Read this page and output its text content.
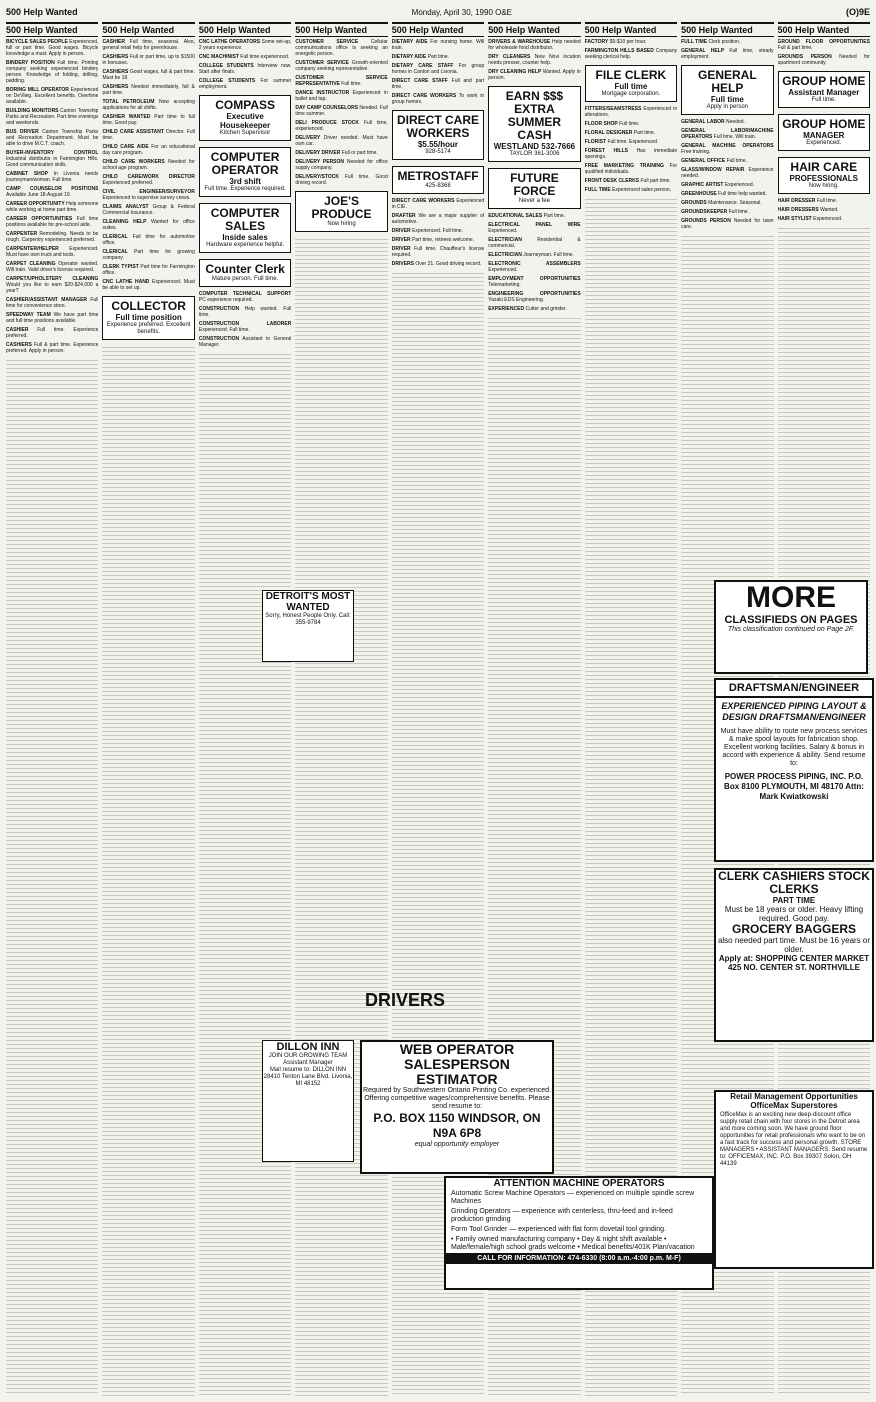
500 Help Wanted	Monday, April 30, 1990 O&E	(O)9E
500 Help Wanted

BICYCLE SALES PEOPLE Experienced, full or part time. Good wages. Bicycle knowledge a must. Apply in person.

BINDERY POSITION Full time. Printing company seeking experienced bindery person. Knowledge of folding, drilling, padding.

BORING MILL OPERATOR Experienced on DeVlieg. Excellent benefits. Overtime available.

BUILDING MONITORS Canton Township Parks and Recreation. Part time evenings and weekends.

BUS DRIVER Canton Township Parks and Recreation Department. Must be able to drive M.C.T. coach.

BUYER-INVENTORY CONTROL Industrial distributor in Farmington Hills. Good communication skills.

CABINET SHOP In Livonia needs journeyman/woman. Full time.

CAMP COUNSELOR POSITIONS Available June 18-August 10.

CAREER OPPORTUNITY Help someone while working at home part time.

CAREER OPPORTUNITIES Full time positions available for pre-school aide.

CARPENTER Remodeling. Needs to be rough. Carpentry experienced preferred.

CARPENTER/HELPER Experienced. Must have own truck and tools.

CARPET CLEANING Operator wanted. Will train. Valid driver's license required.

CARPET/UPHOLSTERY CLEANING Would you like to earn $20-$24,000 a year?

CASHIER/ASSISTANT MANAGER Full time for convenience store.

SPEEDWAY TEAM We have part time and full time positions available.

CASHIER Full time. Experience preferred.

CASHIERS Full & part time. Experience preferred. Apply in person.

500 Help Wanted

CASHIER Full time, seasonal. Also, general retail help for greenhouse.

CASHIERS Full or part time, up to $1500 in bonuses.

CASHIERS Good wages, full & part time. Must be 18.

CASHIERS Needed immediately, full & part time.

TOTAL PETROLEUM Now accepting applications for all shifts.

CASHIER WANTED Part time to full time. Good pay.

CHILD CARE ASSISTANT Director. Full time.

CHILD CARE AIDE For an educational day care program.

CHILD CARE WORKERS Needed for school age program.

CHILD CARE/WORK DIRECTOR Experienced preferred.

CIVIL ENGINEER/SURVEYOR Experienced to supervise survey crews.

CLAIMS ANALYST Group & Federal Commercial Insurance.

CLEANING HELP Wanted for office suites.

CLERICAL Full time for automotive office.

CLERICAL Part time for growing company.

CLERK TYPIST Part time for Farmington office.

CNC LATHE HAND Experienced. Must be able to set up.

COLLECTOR
Full time position
Experience preferred. Excellent benefits.
500 Help Wanted

CNC LATHE OPERATORS Some set-up, 2 years experience.

CNC MACHINIST Full time experienced.

COLLEGE STUDENTS Interview now. Start after finals.

COLLEGE STUDENTS For summer employment.

COMPASS
Executive Housekeeper
Kitchen Supervisor
COMPUTER OPERATOR
3rd shift
Full time. Experience required.
COMPUTER SALES
Inside sales
Hardware experience helpful.
Counter Clerk
Mature person. Full time.

COMPUTER TECHNICAL SUPPORT PC experience required.

CONSTRUCTION Help wanted. Full time.

CONSTRUCTION LABORER Experienced. Full time.

CONSTRUCTION Assistant to General Manager.

500 Help Wanted

CUSTOMER SERVICE	Cellular communications office is seeking an energetic person.

CUSTOMER SERVICE Growth-oriented company seeking representative.

CUSTOMER SERVICE REPRESENTATIVE Full time.

DANCE INSTRUCTOR Experienced in ballet and tap.

DAY CAMP COUNSELORS Needed. Full time summer.

DELI PRODUCE STOCK Full time, experienced.

DELIVERY Driver needed. Must have own car.

DELIVERY DRIVER Full or part time.

DELIVERY PERSON Needed for office supply company.

DELIVERY/STOCK Full time. Good driving record.

JOE'S PRODUCE
Now hiring
500 Help Wanted

DIETARY AIDE For nursing home. Will train.

DIETARY AIDE Part time.

DIETARY CARE STAFF For group homes in Canton and Livonia.

DIRECT CARE STAFF Full and part time.

DIRECT CARE WORKERS To work in group homes.

DIRECT CARE WORKERS
$5.55/hour
928-5174
METROSTAFF
425-8368

DIRECT CARE WORKERS Experienced in CIE.

DRAFTER We are a major supplier of automotive.

DRIVER Experienced. Full time.

DRIVER Part time, retirees welcome.

DRIVER Full time. Chauffeur's license required.

DRIVERS Over 21. Good driving record.

500 Help Wanted

DRIVERS & WAREHOUSE Help needed for wholesale food distributor.

DRY CLEANERS New Novi location needs presser, counter help.

DRY CLEANING HELP Wanted. Apply in person.

EARN $$$ EXTRA SUMMER CASH
WESTLAND 532-7666
TAYLOR 361-3006
FUTURE FORCE
Never a fee

EDUCATIONAL SALES Part time.

ELECTRICAL PANEL WIRE Experienced.

ELECTRICIAN	Residential & commercial.

ELECTRICIAN Journeyman. Full time.

ELECTRONIC ASSEMBLERS Experienced.

EMPLOYMENT OPPORTUNITIES Telemarketing.

ENGINEERING OPPORTUNITIES Yazaki EDS Engineering.

EXPERIENCED Cutter and grinder.

500 Help Wanted

FACTORY $5-$10 per hour.

FARMINGTON HILLS BASED Company seeking clerical help.

FILE CLERK
Full time
Mortgage corporation.

FITTERS/SEAMSTRESS Experienced in alterations.

FLOOR SHOP Full time.

FLORAL DESIGNER Part time.

FLORIST Full time. Experienced.

FOREST HILLS Has immediate openings.

FREE MARKETING TRAINING For qualified individuals.

FRONT DESK CLERKS Full part time.

FULL TIME Experienced sales person.

500 Help Wanted

FULL TIME Clerk position.

GENERAL HELP Full time, steady employment.

GENERAL HELP
Full time
Apply in person

GENERAL LABOR Needed.

GENERAL LABOR/MACHINE OPERATORS Full time. Will train.

GENERAL MACHINE OPERATORS Free training.

GENERAL OFFICE Full time.

GLASS/WINDOW REPAIR Experience needed.

GRAPHIC ARTIST Experienced.

GREENHOUSE Full time help wanted.

GROUNDS Maintenance. Seasonal.

GROUNDSKEEPER Full time.

GROUNDS PERSON Needed for lawn care.

500 Help Wanted

GROUND FLOOR OPPORTUNITIES Full & part time.

GROUNDS PERSON Needed for apartment community.

GROUP HOME
Assistant Manager
Full time.
GROUP HOME
MANAGER
Experienced.
HAIR CARE
PROFESSIONALS
Now hiring.

HAIR DRESSER Full time.

HAIR DRESSERS Wanted.

HAIR STYLIST Experienced.

DETROIT'S MOST WANTED
Sorry, Honest People Only. Call: 355-9784
DRIVERS
DILLON INN
JOIN OUR GROWING TEAM
Assistant Manager
Mail resume to: DILLON INN 28410 Tenton Lane Blvd. Livonia, MI 48152
WEB OPERATOR SALESPERSON ESTIMATOR
Required by Southwestern Ontario Printing Co. experienced. Offering competitive wages/comprehensive benefits. Please send resume to:
P.O. BOX 1150 WINDSOR, ON N9A 6P8
equal opportunity employer
ATTENTION MACHINE OPERATORS
Automatic Screw Machine Operators — experienced on multiple spindle screw Machines
Grinding Operators — experience with centerless, thru-feed and in-feed production grinding
Form Tool Grinder — experienced with flat form dovetail tool grinding.
• Family owned manufacturing company • Day & night shift available • Male/female/high school grads welcome • Medical benefits/401K Plan/vacation
CALL FOR INFORMATION: 474-6330 (8:00 a.m.-4:00 p.m. M-F)
MORE
CLASSIFIEDS ON PAGES
This classification continued on Page 2F.
DRAFTSMAN/ENGINEER
EXPERIENCED PIPING LAYOUT & DESIGN DRAFTSMAN/ENGINEER
Must have ability to route new process services & make spool layouts for fabrication shop. Excellent working facilities. Salary & bonus in accord with experience & ability. Send resume to:
POWER PROCESS PIPING, INC. P.O. Box 8100 PLYMOUTH, MI 48170 Attn: Mark Kwiatkowski
CLERK CASHIERS STOCK CLERKS
PART TIME
Must be 18 years or older. Heavy lifting required. Good pay.
GROCERY BAGGERS
also needed part time. Must be 16 years or older.
Apply at: SHOPPING CENTER MARKET 425 NO. CENTER ST. NORTHVILLE
Retail Management Opportunities OfficeMax Superstores
OfficeMax is an exciting new deep-discount office supply retail chain with four stores in the Detroit area and more coming soon. We have ground floor opportunities for retail professionals who want to be on a fast track for success and personal growth. STORE MANAGERS • ASSISTANT MANAGERS. Send resume to: OFFICEMAX, INC. P.O. Box 39307 Solon, OH 44139
